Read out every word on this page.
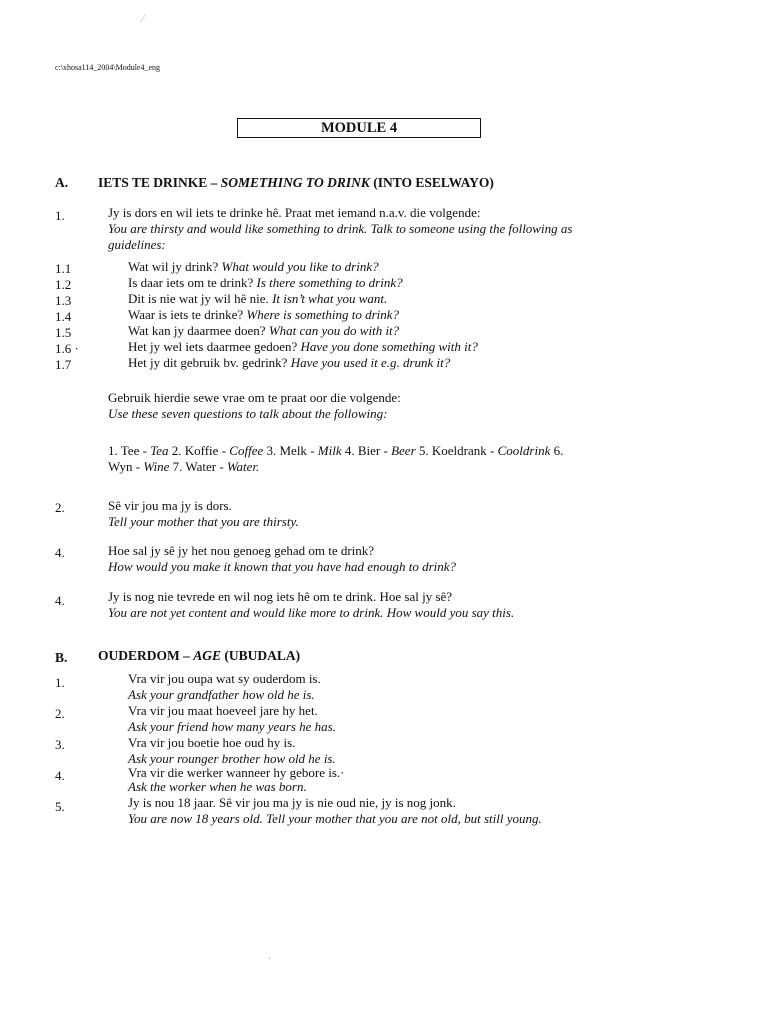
⁄
·
c:\xhosa114_2004\Module4_eng
MODULE 4
A. IETS TE DRINKE – SOMETHING TO DRINK (INTO ESELWAYO)
1.	Jy is dors en wil iets te drinke hê. Praat met iemand n.a.v. die volgende:
You are thirsty and would like something to drink. Talk to someone using the following as
guidelines:
1.1	Wat wil jy drink? What would you like to drink?
1.2	Is daar iets om te drink? Is there something to drink?
1.3	Dit is nie wat jy wil hê nie. It isn’t what you want.
1.4	Waar is iets te drinke? Where is something to drink?
1.5	Wat kan jy daarmee doen? What can you do with it?
1.6 ·	Het jy wel iets daarmee gedoen? Have you done something with it?
1.7	Het jy dit gebruik bv. gedrink? Have you used it e.g. drunk it?
Gebruik hierdie sewe vrae om te praat oor die volgende:
Use these seven questions to talk about the following:
1. Tee - Tea 2. Koffie - Coffee 3. Melk - Milk 4. Bier - Beer 5. Koeldrank - Cooldrink 6.
Wyn - Wine 7. Water - Water.
2.	Sê vir jou ma jy is dors.
Tell your mother that you are thirsty.
4.	Hoe sal jy sê jy het nou genoeg gehad om te drink?
How would you make it known that you have had enough to drink?
4.	Jy is nog nie tevrede en wil nog iets hê om te drink. Hoe sal jy sê?
You are not yet content and would like more to drink. How would you say this.
B. OUDERDOM – AGE (UBUDALA)
1.	Vra vir jou oupa wat sy ouderdom is.
Ask your grandfather how old he is.
2.	Vra vir jou maat hoeveel jare hy het.
Ask your friend how many years he has.
3.	Vra vir jou boetie hoe oud hy is.
Ask your rounger brother how old he is.
4.	Vra vir die werker wanneer hy gebore is.·
Ask the worker when he was born.
5.	Jy is nou 18 jaar. Sê vir jou ma jy is nie oud nie, jy is nog jonk.
You are now 18 years old. Tell your mother that you are not old, but still young.
